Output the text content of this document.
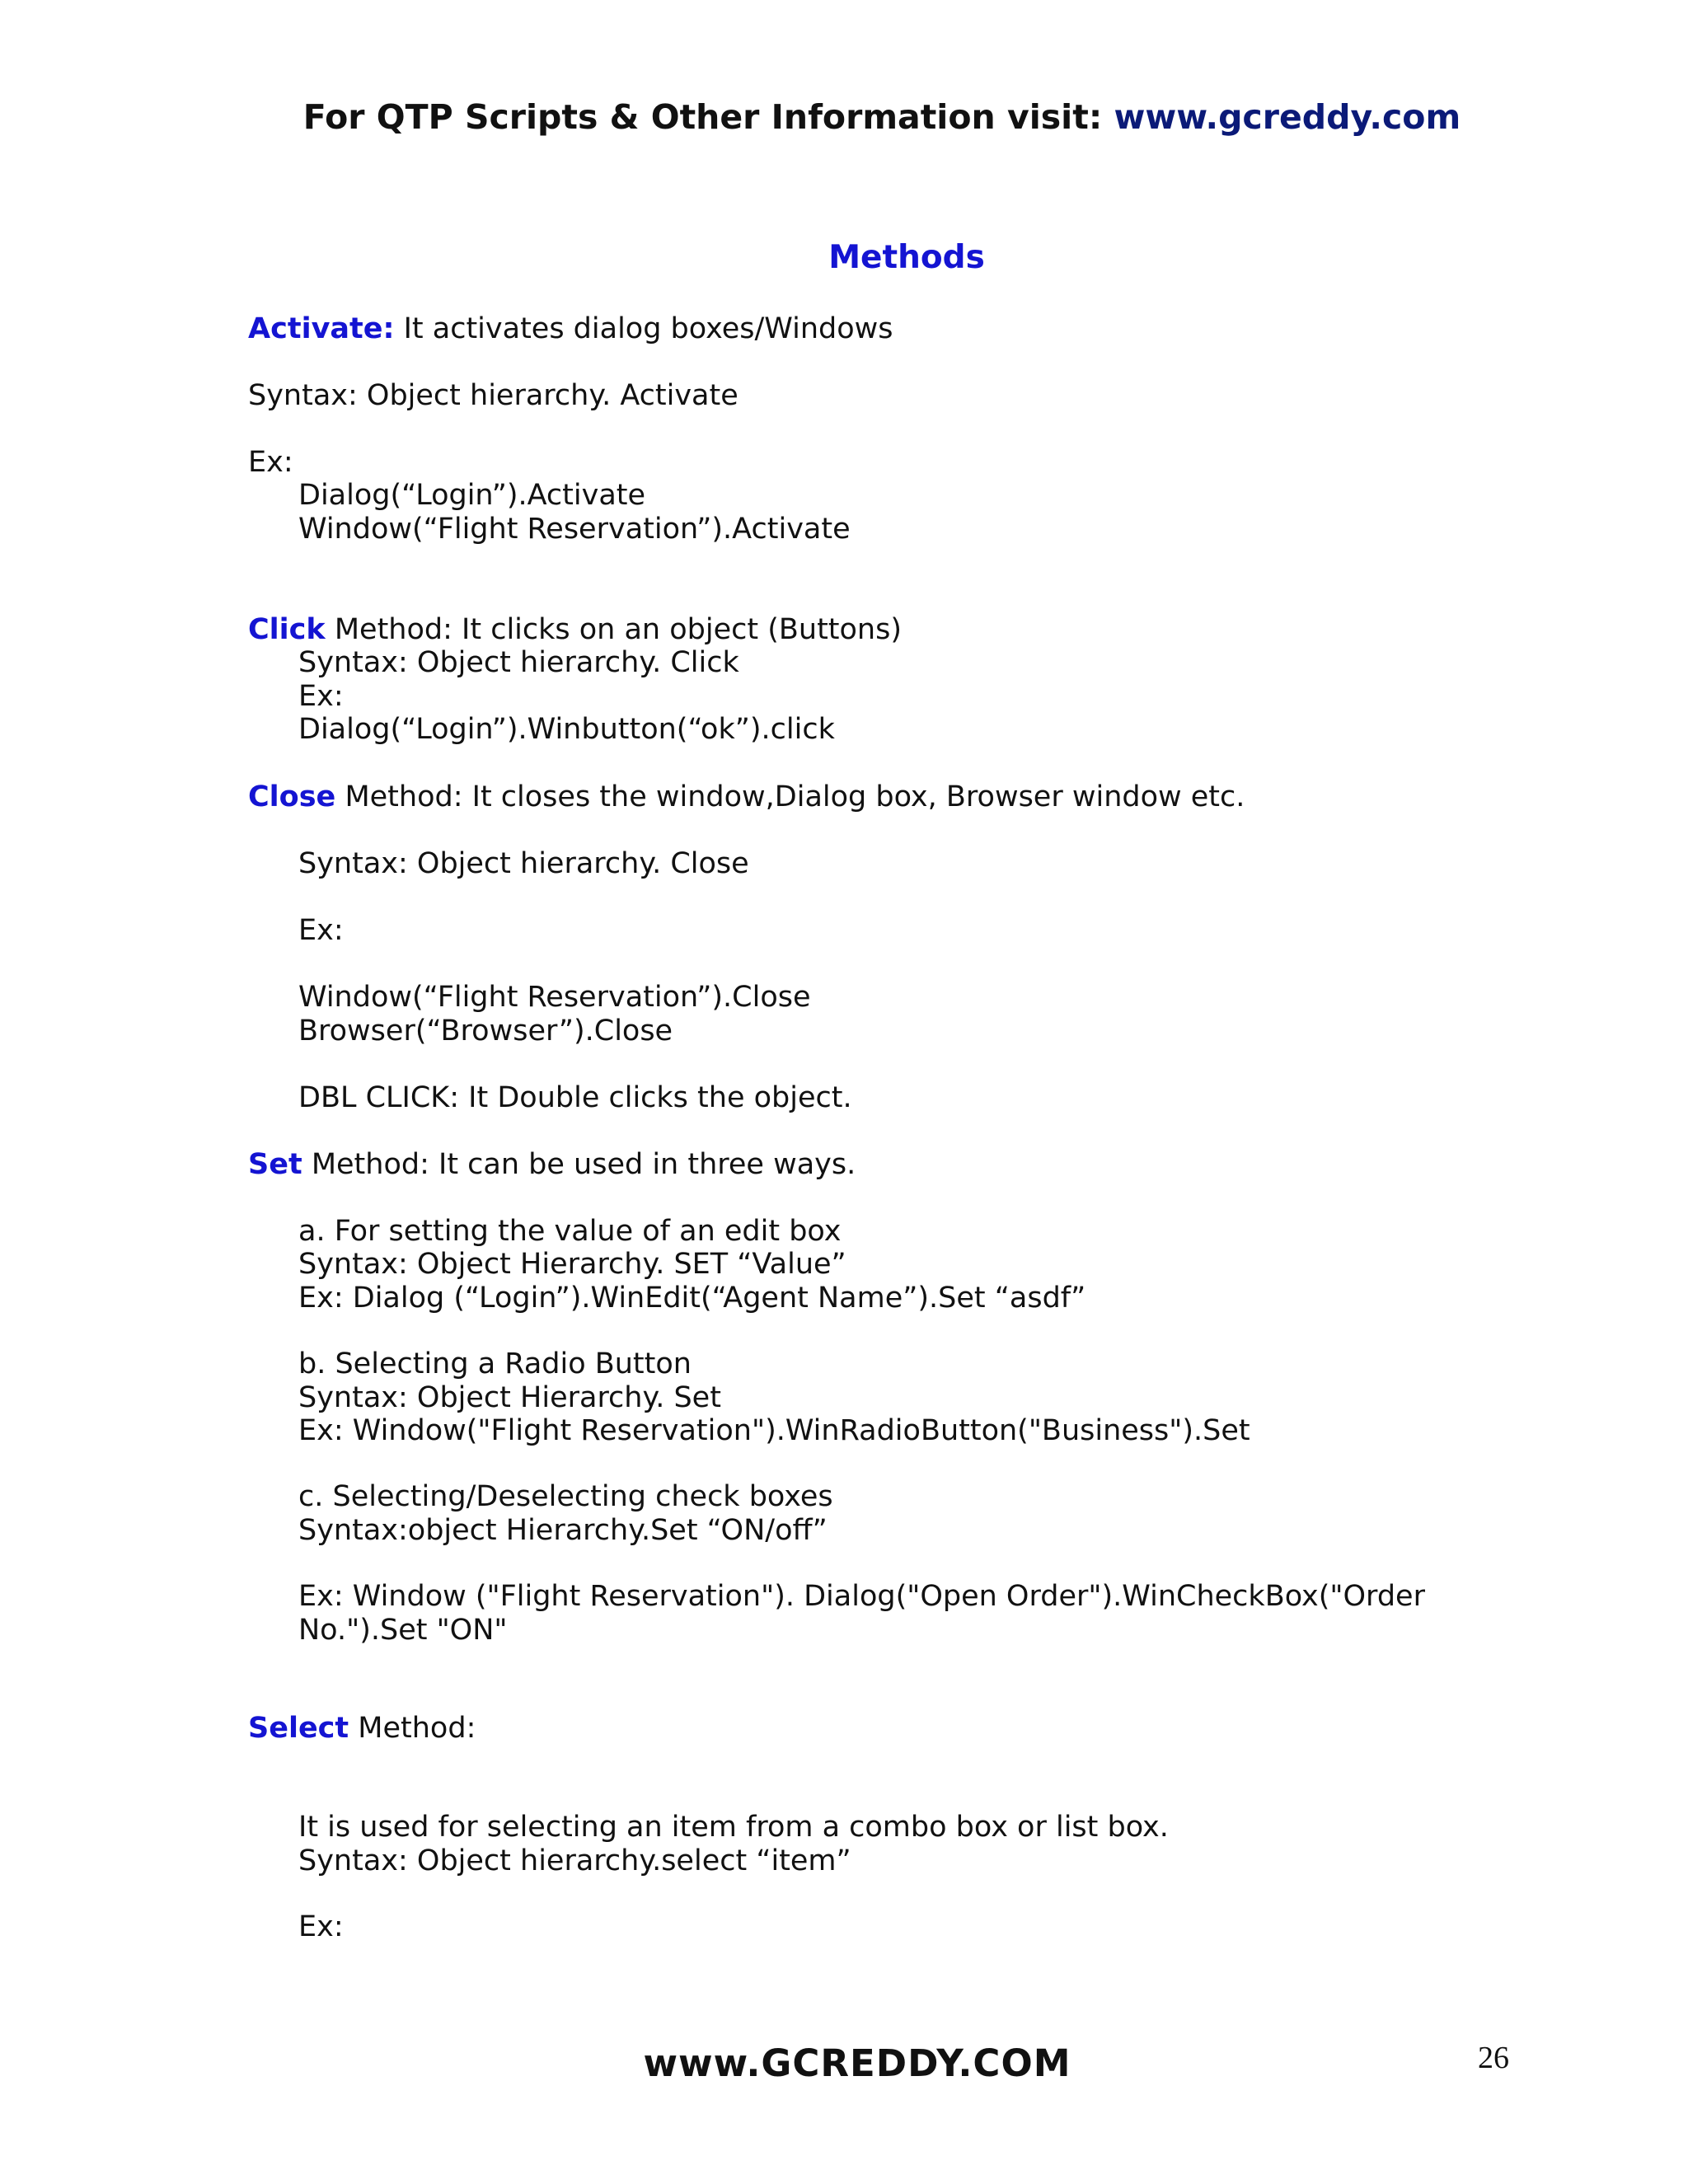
For QTP Scripts & Other Information visit: www.gcreddy.com
Methods
Activate: It activates dialog boxes/Windows
Syntax: Object hierarchy. Activate
Ex:
Dialog(“Login”).Activate
Window(“Flight Reservation”).Activate
Click Method: It clicks on an object (Buttons)
Syntax: Object hierarchy. Click
Ex:
Dialog(“Login”).Winbutton(“ok”).click
Close Method: It closes the window,Dialog box, Browser window etc.
Syntax: Object hierarchy. Close
Ex:
Window(“Flight Reservation”).Close
Browser(“Browser”).Close
DBL CLICK: It Double clicks the object.
Set Method: It can be used in three ways.
a. For setting the value of an edit box
Syntax: Object Hierarchy. SET “Value”
Ex: Dialog (“Login”).WinEdit(“Agent Name”).Set “asdf”
b. Selecting a Radio Button
Syntax: Object Hierarchy. Set
Ex: Window("Flight Reservation").WinRadioButton("Business").Set
c. Selecting/Deselecting check boxes
Syntax:object Hierarchy.Set “ON/off”
Ex: Window ("Flight Reservation"). Dialog("Open Order").WinCheckBox("Order
No.").Set "ON"
Select Method:
It is used for selecting an item from a combo box or list box.
Syntax: Object hierarchy.select “item”
Ex:
www.GCREDDY.COM	26
